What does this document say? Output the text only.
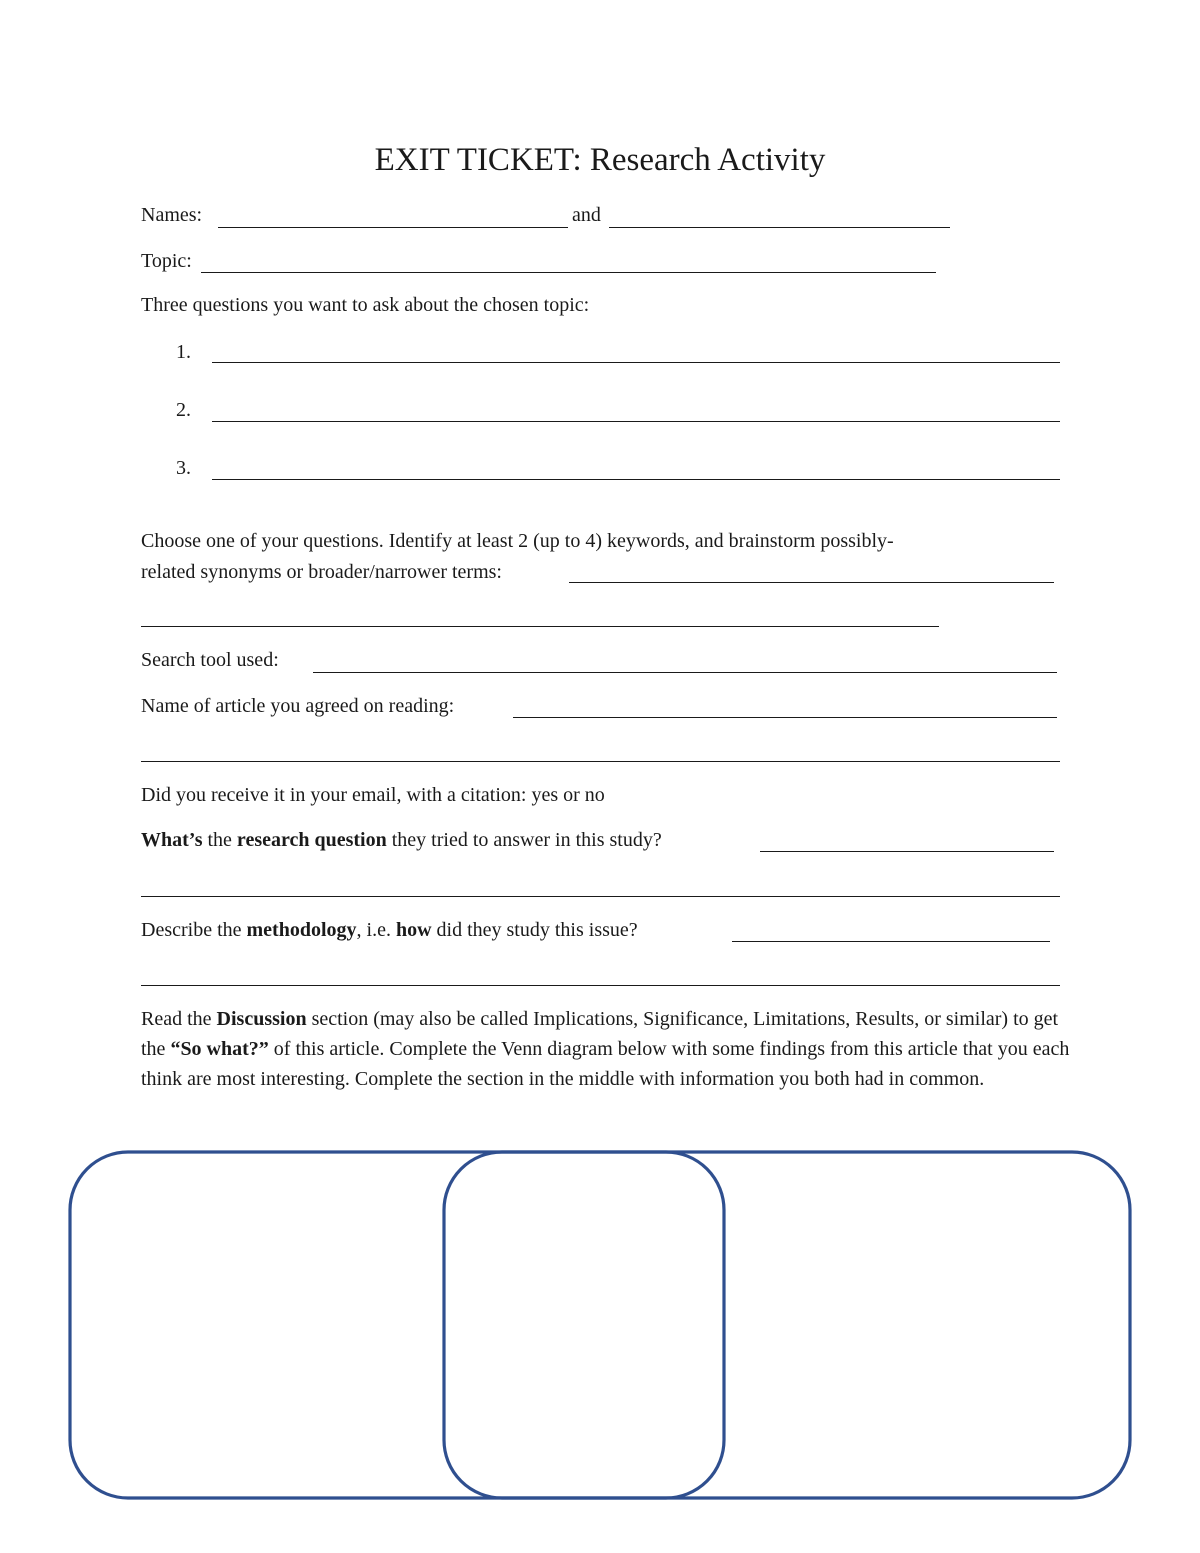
EXIT TICKET: Research Activity
Names:	and
Topic:
Three questions you want to ask about the chosen topic:
1.
2.
3.
Choose one of your questions. Identify at least 2 (up to 4) keywords, and brainstorm possibly-
related synonyms or broader/narrower terms:
Search tool used:
Name of article you agreed on reading:
Did you receive it in your email, with a citation: yes or no
What’s the research question they tried to answer in this study?
Describe the methodology, i.e. how did they study this issue?
Read the Discussion section (may also be called Implications, Significance, Limitations, Results, or similar) to get the “So what?” of this article. Complete the Venn diagram below with some findings from this article that you each think are most interesting. Complete the section in the middle with information you both had in common.
